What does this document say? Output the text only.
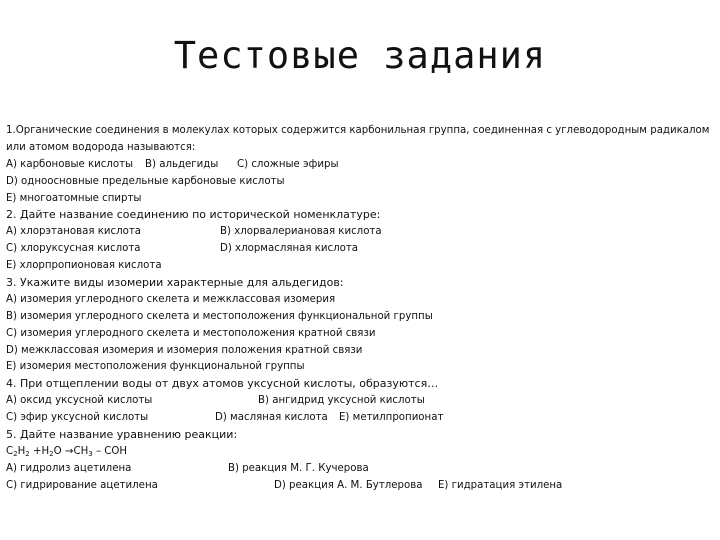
Тестовые задания
1.Органические соединения в молекулах которых содержится карбонильная группа, соединенная с углеводородным радикалом
или атомом водорода называются:
А) карбоновые кислоты В) альдегиды С) сложные эфиры
D) одноосновные предельные карбоновые кислоты
Е) многоатомные спирты
2. Дайте название соединению по исторической номенклатуре:
А) хлорэтановая кислота	В) хлорвалериановая кислота
С) хлоруксусная кислота	D) хлормасляная кислота
Е) хлорпропионовая кислота
3. Укажите виды изомерии характерные для альдегидов:
А) изомерия углеродного скелета и межклассовая изомерия
В) изомерия углеродного скелета и местоположения функциональной группы
С) изомерия углеродного скелета и местоположения кратной связи
D) межклассовая изомерия и изомерия положения кратной связи
Е) изомерия местоположения функциональной группы
4. При отщеплении воды от двух атомов уксусной кислоты, образуются…
А) оксид уксусной кислоты	В) ангидрид уксусной кислоты
С) эфир уксусной кислоты	D) масляная кислота Е) метилпропионат
5. Дайте название уравнению реакции:
$C_2H_2 +H_2O \to CH_3$ – COH
А) гидролиз ацетилена	В) реакция М. Г. Кучерова
С) гидрирование ацетилена	D) реакция А. М. Бутлерова Е) гидратация этилена
